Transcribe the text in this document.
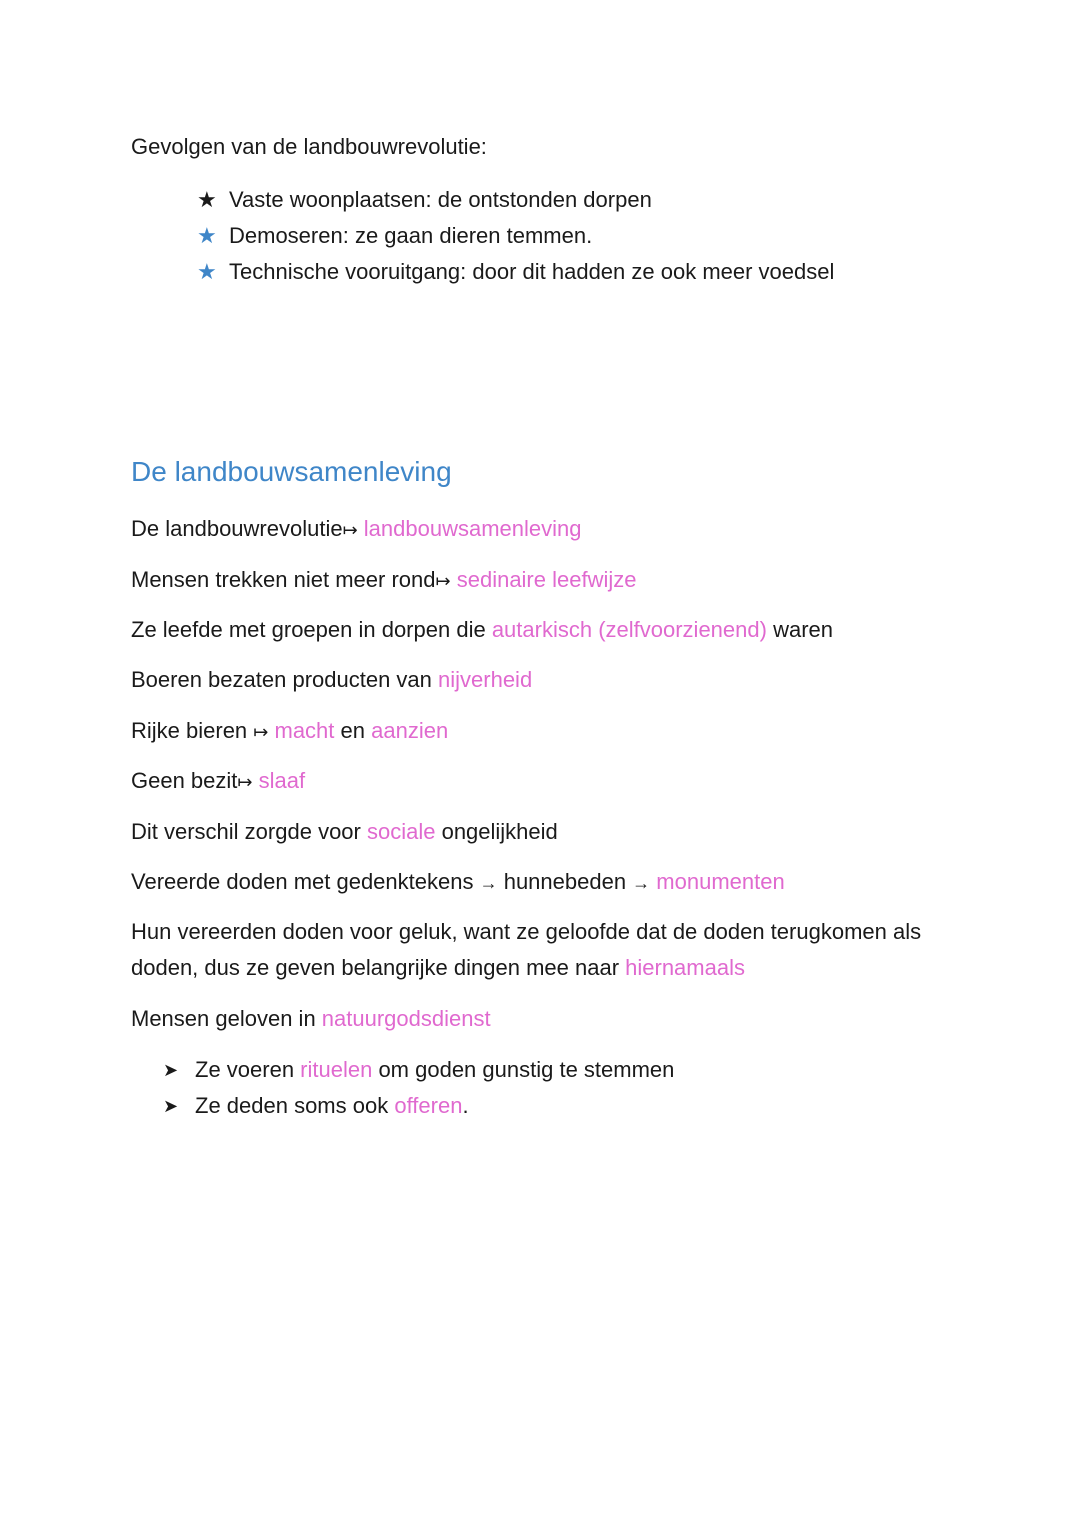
Gevolgen van de landbouwrevolutie:
★ Vaste woonplaatsen: de ontstonden dorpen
★ Demoseren: ze gaan dieren temmen.
★ Technische vooruitgang: door dit hadden ze ook meer voedsel
De landbouwsamenleving
De landbouwrevolutie↦ landbouwsamenleving
Mensen trekken niet meer rond↦ sedinaire leefwijze
Ze leefde met groepen in dorpen die autarkisch (zelfvoorzienend) waren
Boeren bezaten producten van nijverheid
Rijke bieren ↦ macht en aanzien
Geen bezit↦ slaaf
Dit verschil zorgde voor sociale ongelijkheid
Vereerde doden met gedenktekens → hunnebeden → monumenten
Hun vereerden doden voor geluk, want ze geloofde dat de doden terugkomen als doden, dus ze geven belangrijke dingen mee naar hiernamaals
Mensen geloven in natuurgodsdienst
➤ Ze voeren rituelen om goden gunstig te stemmen
➤ Ze deden soms ook offeren.
